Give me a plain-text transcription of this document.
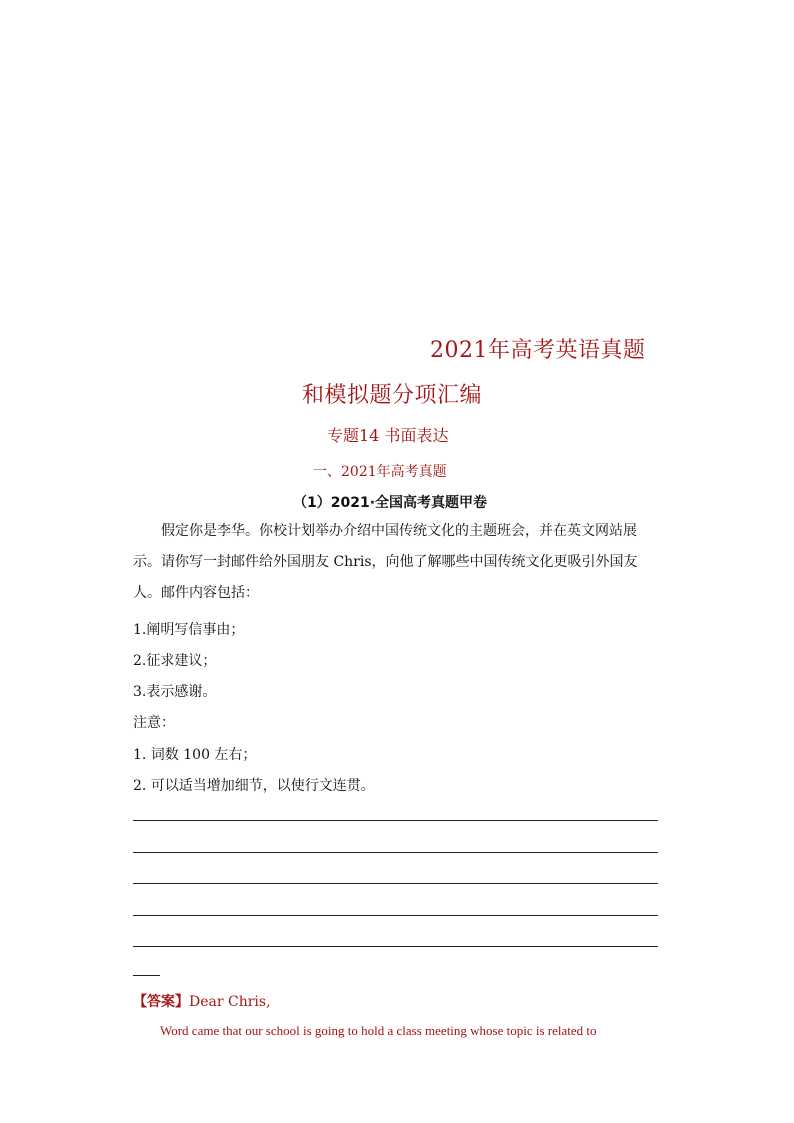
2021年高考英语真题
和模拟题分项汇编
专题14 书面表达
一、2021年高考真题
（1）2021·全国高考真题甲卷
假定你是李华。你校计划举办介绍中国传统文化的主题班会，并在英文网站展示。请你写一封邮件给外国朋友 Chris，向他了解哪些中国传统文化更吸引外国友人。邮件内容包括：
1.阐明写信事由；
2.征求建议；
3.表示感谢。
注意：
1. 词数 100 左右；
2. 可以适当增加细节，以使行文连贯。
【答案】Dear Chris,
Word came that our school is going to hold a class meeting whose topic is related to
